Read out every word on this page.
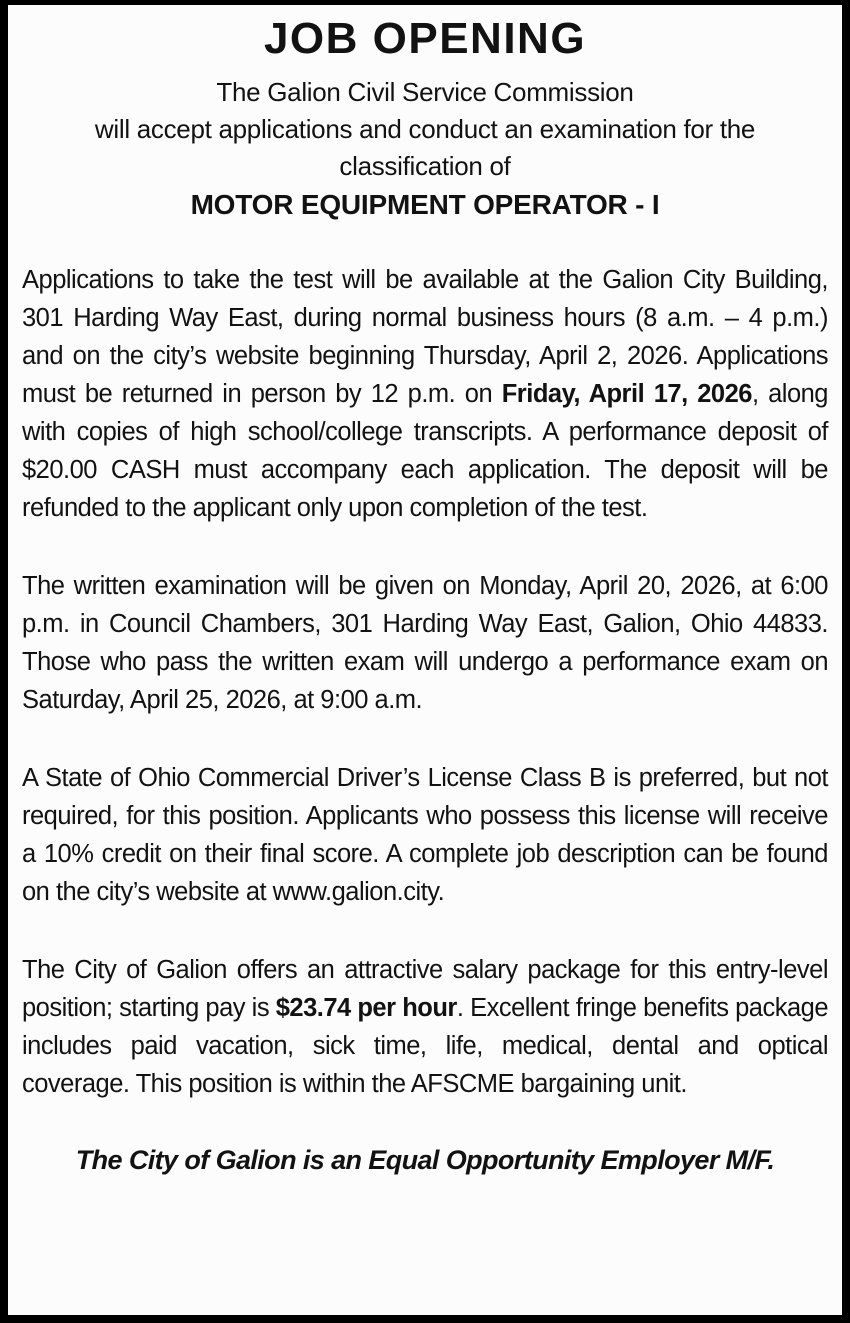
JOB OPENING

The Galion Civil Service Commission

will accept applications and conduct an examination for the

classification of

MOTOR EQUIPMENT OPERATOR - I

Applications to take the test will be available at the Galion City Building, 301 Harding Way East, during normal business hours (8 a.m. – 4 p.m.) and on the city’s website beginning Thursday, April 2, 2026. Applications must be returned in person by 12 p.m. on Friday, April 17, 2026, along with copies of high school/college transcripts. A performance deposit of $20.00 CASH must accompany each application. The deposit will be refunded to the applicant only upon completion of the test.

The written examination will be given on Monday, April 20, 2026, at 6:00 p.m. in Council Chambers, 301 Harding Way East, Galion, Ohio 44833. Those who pass the written exam will undergo a performance exam on Saturday, April 25, 2026, at 9:00 a.m.

A State of Ohio Commercial Driver’s License Class B is preferred, but not required, for this position. Applicants who possess this license will receive a 10% credit on their final score. A complete job description can be found on the city’s website at www.galion.city.

The City of Galion offers an attractive salary package for this entry-level position; starting pay is $23.74 per hour. Excellent fringe benefits package includes paid vacation, sick time, life, medical, dental and optical coverage. This position is within the AFSCME bargaining unit.

The City of Galion is an Equal Opportunity Employer M/F.
